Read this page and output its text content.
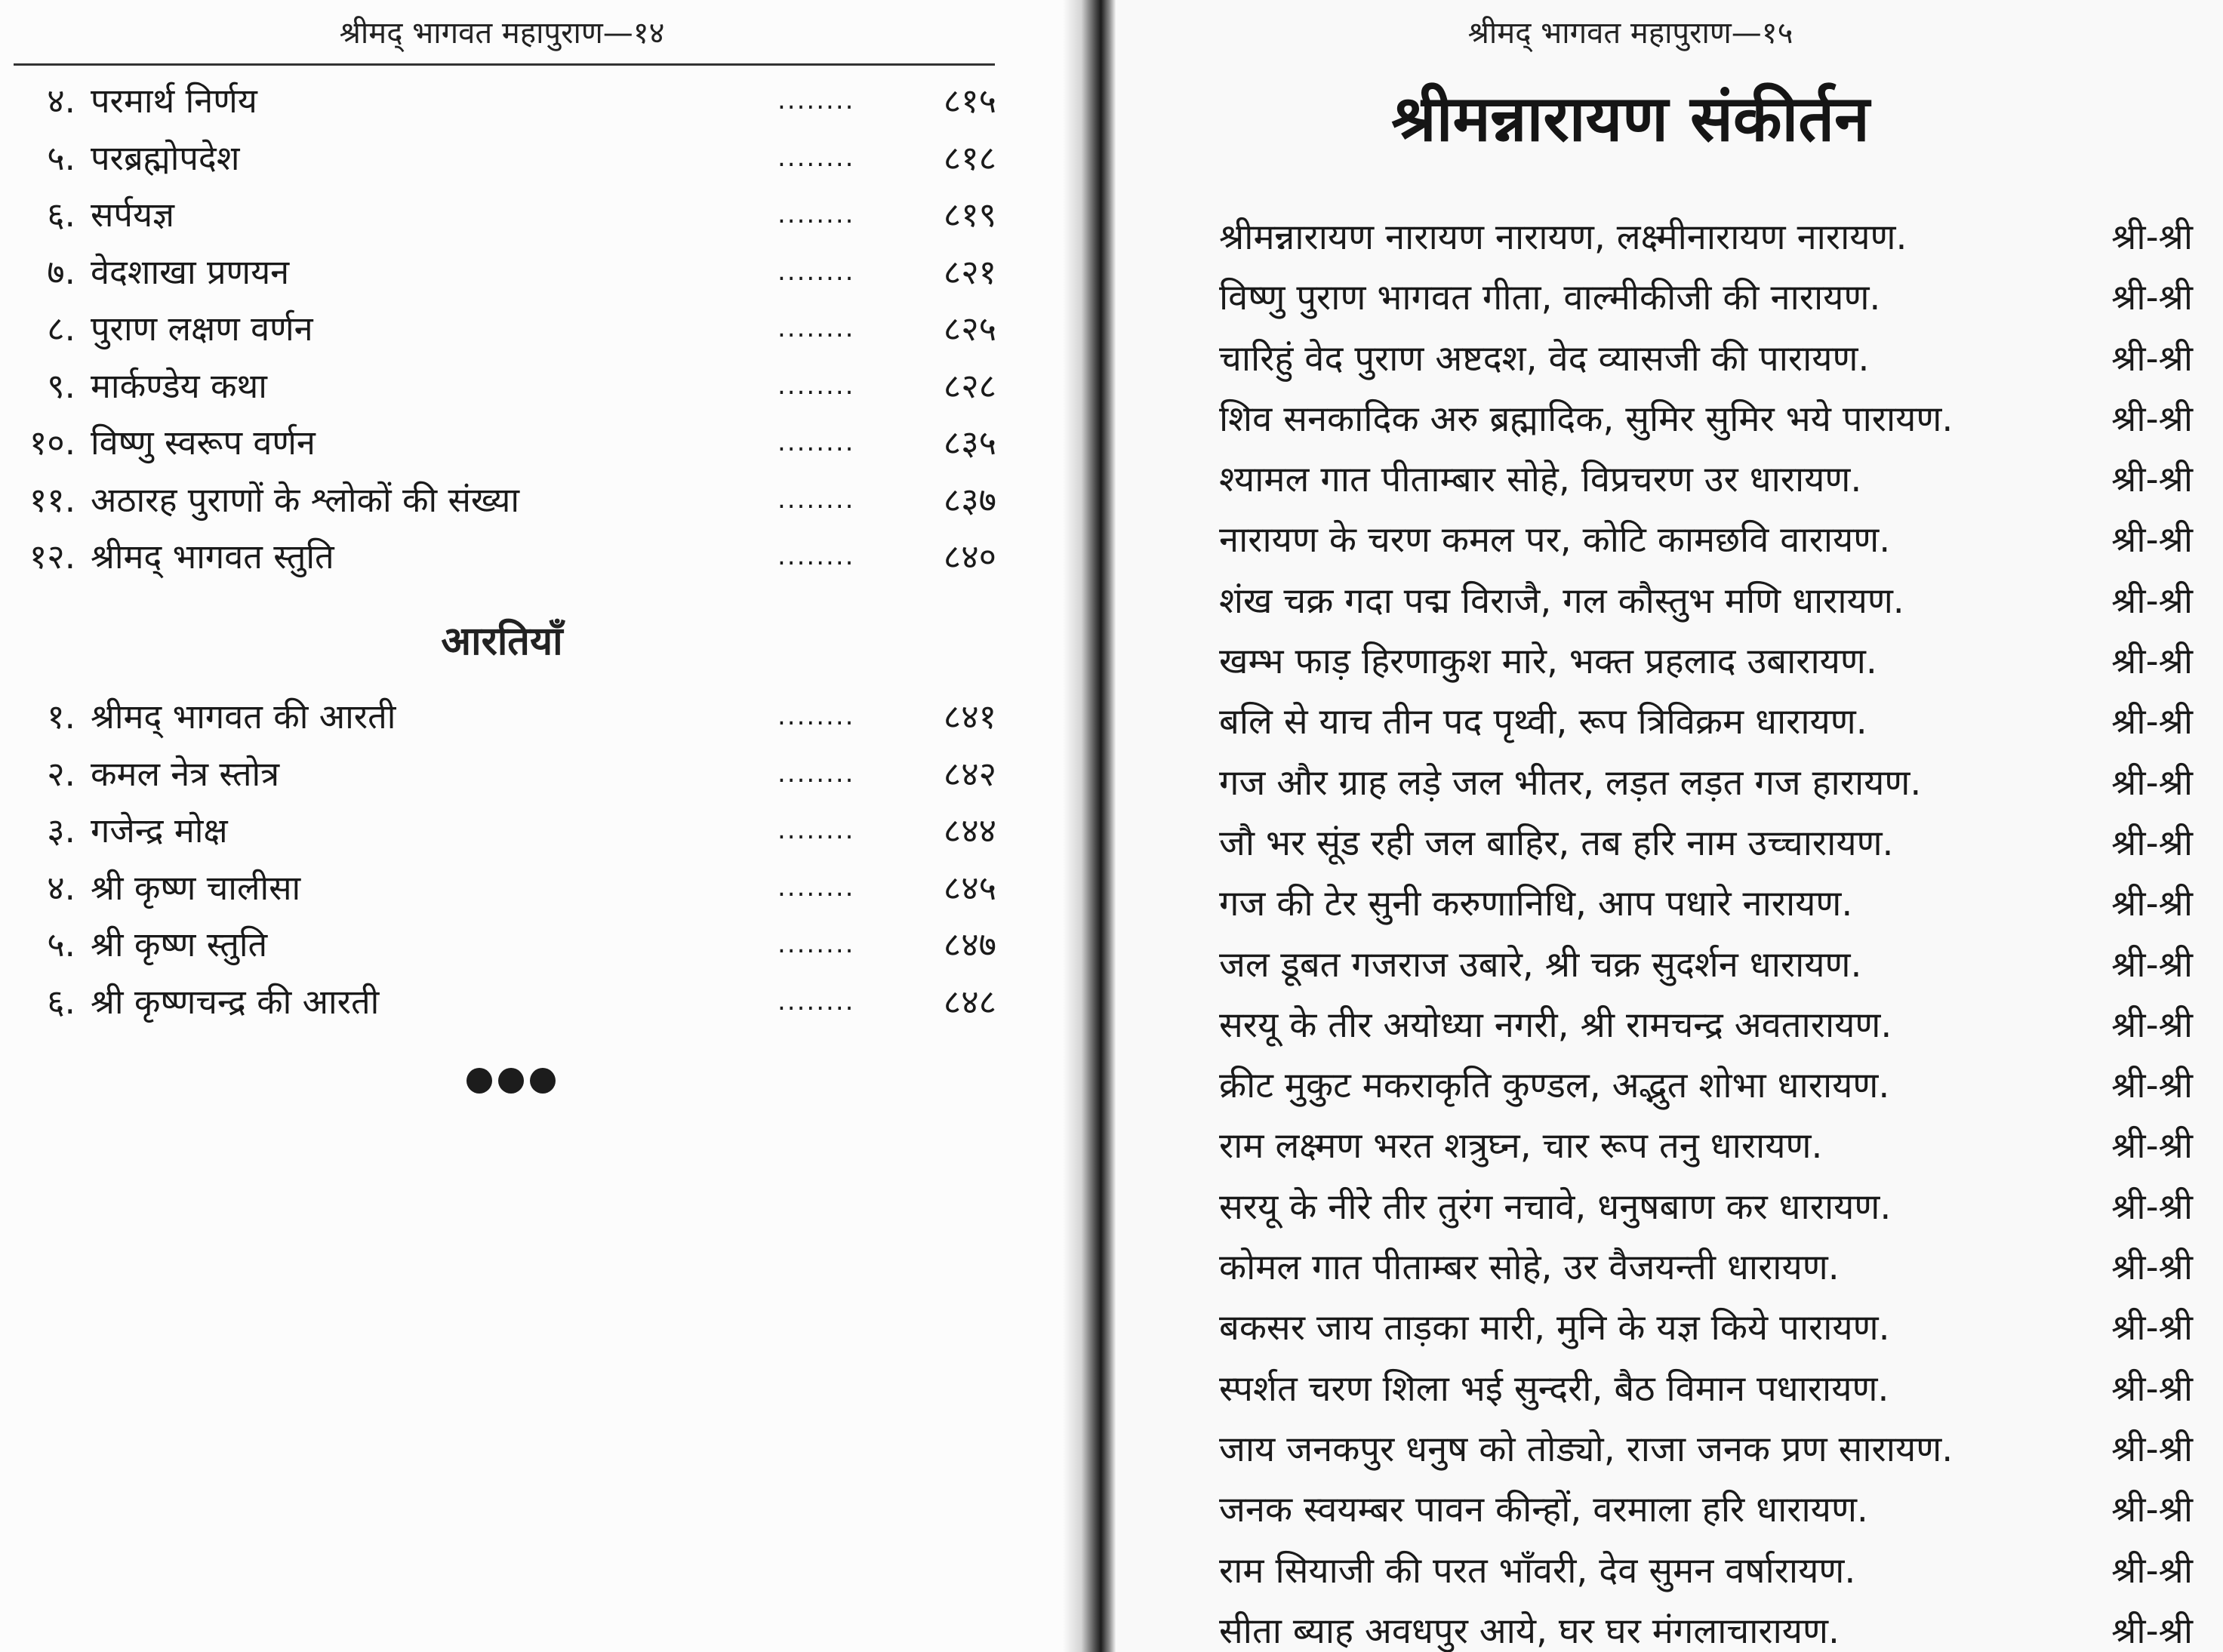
श्रीमद् भागवत महापुराण—१४
४. परमार्थ निर्णय	........	८१५
५. परब्रह्मोपदेश	........	८१८
६. सर्पयज्ञ	........	८१९
७. वेदशाखा प्रणयन	........	८२१
८. पुराण लक्षण वर्णन	........	८२५
९. मार्कण्डेय कथा	........	८२८
१०. विष्णु स्वरूप वर्णन	........	८३५
११. अठारह पुराणों के श्लोकों की संख्या	........	८३७
१२. श्रीमद् भागवत स्तुति	........	८४०
आरतियाँ
१. श्रीमद् भागवत की आरती	........	८४१
२. कमल नेत्र स्तोत्र	........	८४२
३. गजेन्द्र मोक्ष	........	८४४
४. श्री कृष्ण चालीसा	........	८४५
५. श्री कृष्ण स्तुति	........	८४७
६. श्री कृष्णचन्द्र की आरती	........	८४८
श्रीमद् भागवत महापुराण—१५
श्रीमन्नारायण संकीर्तन
श्रीमन्नारायण नारायण नारायण, लक्ष्मीनारायण नारायण.	श्री-श्री
विष्णु पुराण भागवत गीता, वाल्मीकीजी की नारायण.	श्री-श्री
चारिहुं वेद पुराण अष्टदश, वेद व्यासजी की पारायण.	श्री-श्री
शिव सनकादिक अरु ब्रह्मादिक, सुमिर सुमिर भये पारायण.	श्री-श्री
श्यामल गात पीताम्बार सोहे, विप्रचरण उर धारायण.	श्री-श्री
नारायण के चरण कमल पर, कोटि कामछवि वारायण.	श्री-श्री
शंख चक्र गदा पद्म विराजै, गल कौस्तुभ मणि धारायण.	श्री-श्री
खम्भ फाड़ हिरणाकुश मारे, भक्त प्रहलाद उबारायण.	श्री-श्री
बलि से याच तीन पद पृथ्वी, रूप त्रिविक्रम धारायण.	श्री-श्री
गज और ग्राह लड़े जल भीतर, लड़त लड़त गज हारायण.	श्री-श्री
जौ भर सूंड रही जल बाहिर, तब हरि नाम उच्चारायण.	श्री-श्री
गज की टेर सुनी करुणानिधि, आप पधारे नारायण.	श्री-श्री
जल डूबत गजराज उबारे, श्री चक्र सुदर्शन धारायण.	श्री-श्री
सरयू के तीर अयोध्या नगरी, श्री रामचन्द्र अवतारायण.	श्री-श्री
क्रीट मुकुट मकराकृति कुण्डल, अद्भुत शोभा धारायण.	श्री-श्री
राम लक्ष्मण भरत शत्रुघ्न, चार रूप तनु धारायण.	श्री-श्री
सरयू के नीरे तीर तुरंग नचावे, धनुषबाण कर धारायण.	श्री-श्री
कोमल गात पीताम्बर सोहे, उर वैजयन्ती धारायण.	श्री-श्री
बकसर जाय ताड़का मारी, मुनि के यज्ञ किये पारायण.	श्री-श्री
स्पर्शत चरण शिला भई सुन्दरी, बैठ विमान पधारायण.	श्री-श्री
जाय जनकपुर धनुष को तोड्यो, राजा जनक प्रण सारायण.	श्री-श्री
जनक स्वयम्बर पावन कीन्हों, वरमाला हरि धारायण.	श्री-श्री
राम सियाजी की परत भाँवरी, देव सुमन वर्षारायण.	श्री-श्री
सीता ब्याह अवधपुर आये, घर घर मंगलाचारायण.	श्री-श्री
